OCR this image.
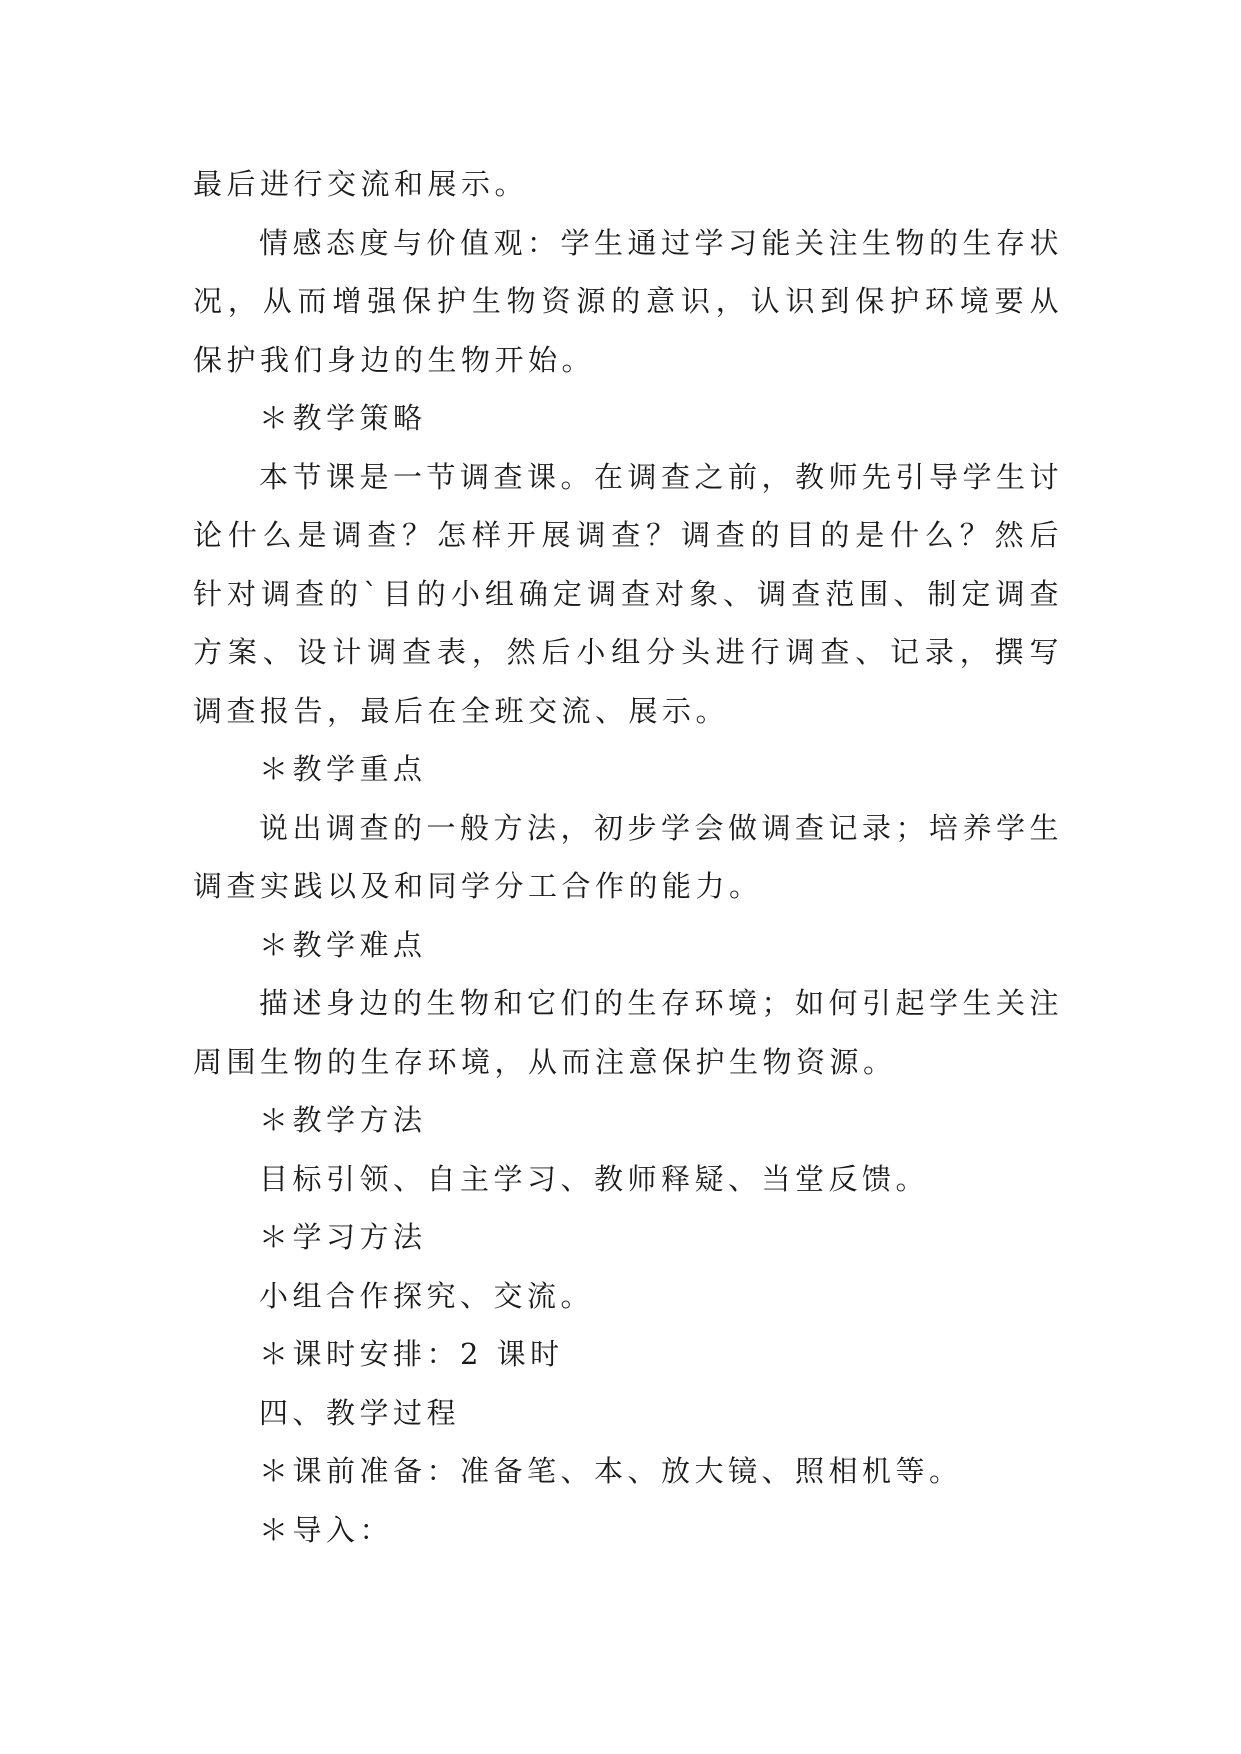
最后进行交流和展示。

情感态度与价值观：学生通过学习能关注生物的生存状况，从而增强保护生物资源的意识，认识到保护环境要从保护我们身边的生物开始。

＊教学策略

本节课是一节调查课。在调查之前，教师先引导学生讨论什么是调查？怎样开展调查？调查的目的是什么？然后针对调查的`目的小组确定调查对象、调查范围、制定调查方案、设计调查表，然后小组分头进行调查、记录，撰写调查报告，最后在全班交流、展示。

＊教学重点

说出调查的一般方法，初步学会做调查记录；培养学生调查实践以及和同学分工合作的能力。

＊教学难点

描述身边的生物和它们的生存环境；如何引起学生关注周围生物的生存环境，从而注意保护生物资源。

＊教学方法

目标引领、自主学习、教师释疑、当堂反馈。

＊学习方法

小组合作探究、交流。

＊课时安排：2 课时

四、教学过程

＊课前准备：准备笔、本、放大镜、照相机等。

＊导入：
